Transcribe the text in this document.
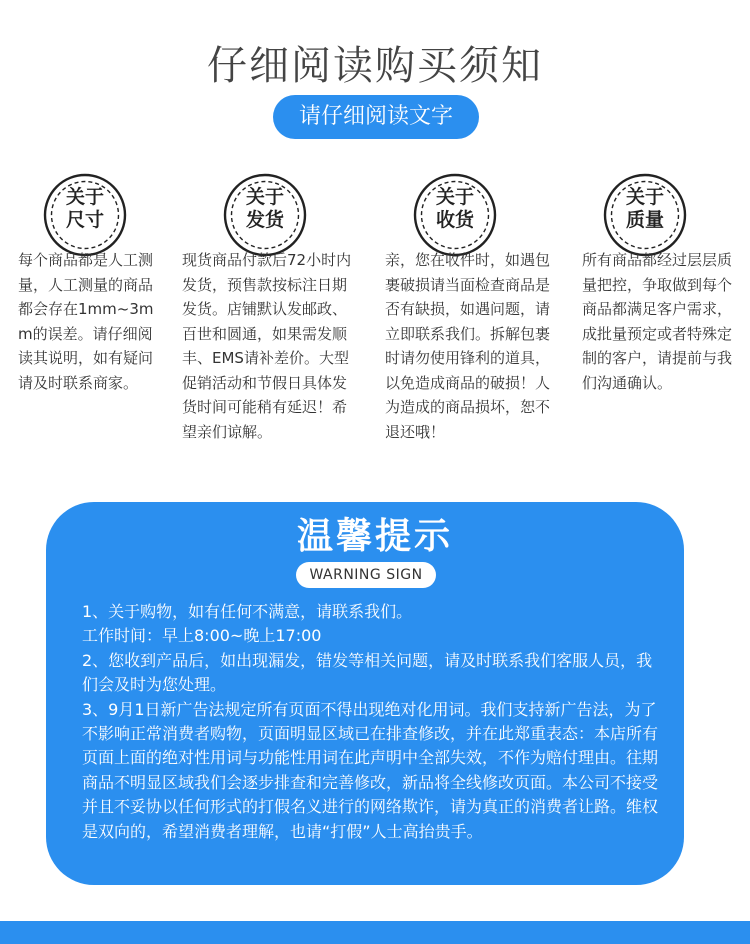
仔细阅读购买须知
请仔细阅读文字
关于
尺寸
关于
发货
关于
收货
关于
质量
每个商品都是人工测量，人工测量的商品都会存在1mm~3mm的误差。请仔细阅读其说明，如有疑问请及时联系商家。
现货商品付款后72小时内发货，预售款按标注日期发货。店铺默认发邮政、百世和圆通，如果需发顺丰、EMS请补差价。大型促销活动和节假日具体发货时间可能稍有延迟！希望亲们谅解。
亲，您在收件时，如遇包裹破损请当面检查商品是否有缺损，如遇问题，请立即联系我们。拆解包裹时请勿使用锋利的道具，以免造成商品的破损！人为造成的商品损坏，恕不退还哦！
所有商品都经过层层质量把控，争取做到每个商品都满足客户需求，成批量预定或者特殊定制的客户，请提前与我们沟通确认。
温馨提示
WARNING SIGN
1、关于购物，如有任何不满意，请联系我们。
工作时间：早上8:00~晚上17:00
2、您收到产品后，如出现漏发，错发等相关问题，请及时联系我们客服人员，我们会及时为您处理。
3、9月1日新广告法规定所有页面不得出现绝对化用词。我们支持新广告法，为了不影响正常消费者购物，页面明显区域已在排查修改，并在此郑重表态：本店所有页面上面的绝对性用词与功能性用词在此声明中全部失效，不作为赔付理由。往期商品不明显区域我们会逐步排查和完善修改，新品将全线修改页面。本公司不接受并且不妥协以任何形式的打假名义进行的网络欺诈，请为真正的消费者让路。维权是双向的，希望消费者理解，也请“打假”人士高抬贵手。
